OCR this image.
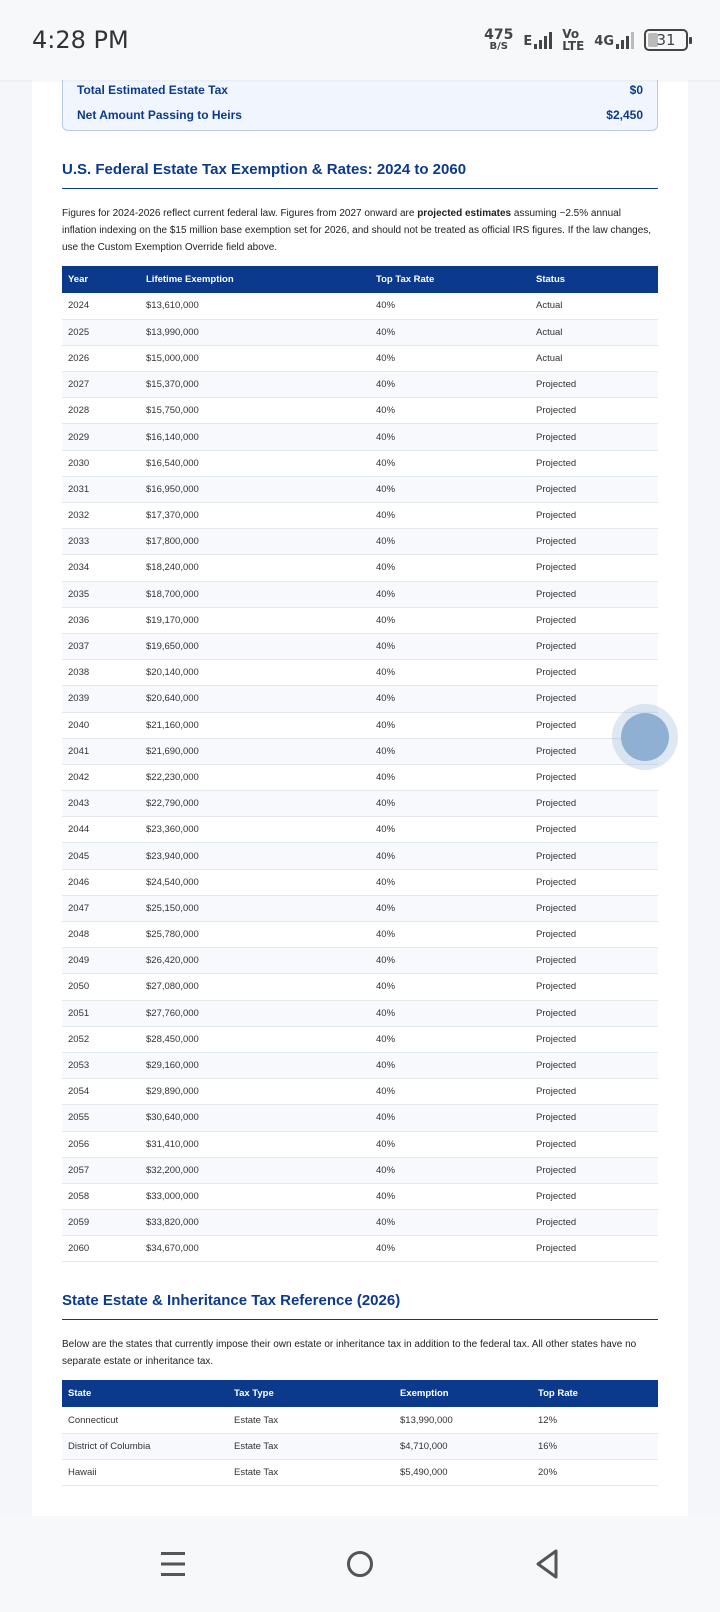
4:28 PM	475
B/S E	Vo
LTE 4G	31
Total Estimated Estate Tax	$0
Net Amount Passing to Heirs	$2,450
U.S. Federal Estate Tax Exemption & Rates: 2024 to 2060

Figures for 2024-2026 reflect current federal law. Figures from 2027 onward are projected estimates assuming ~2.5% annual inflation indexing on the $15 million base exemption set for 2026, and should not be treated as official IRS figures. If the law changes, use the Custom Exemption Override field above.

Year	Lifetime Exemption	Top Tax Rate	Status
2024	$13,610,000	40%	Actual
2025	$13,990,000	40%	Actual
2026	$15,000,000	40%	Actual
2027	$15,370,000	40%	Projected
2028	$15,750,000	40%	Projected
2029	$16,140,000	40%	Projected
2030	$16,540,000	40%	Projected
2031	$16,950,000	40%	Projected
2032	$17,370,000	40%	Projected
2033	$17,800,000	40%	Projected
2034	$18,240,000	40%	Projected
2035	$18,700,000	40%	Projected
2036	$19,170,000	40%	Projected
2037	$19,650,000	40%	Projected
2038	$20,140,000	40%	Projected
2039	$20,640,000	40%	Projected
2040	$21,160,000	40%	Projected
2041	$21,690,000	40%	Projected
2042	$22,230,000	40%	Projected
2043	$22,790,000	40%	Projected
2044	$23,360,000	40%	Projected
2045	$23,940,000	40%	Projected
2046	$24,540,000	40%	Projected
2047	$25,150,000	40%	Projected
2048	$25,780,000	40%	Projected
2049	$26,420,000	40%	Projected
2050	$27,080,000	40%	Projected
2051	$27,760,000	40%	Projected
2052	$28,450,000	40%	Projected
2053	$29,160,000	40%	Projected
2054	$29,890,000	40%	Projected
2055	$30,640,000	40%	Projected
2056	$31,410,000	40%	Projected
2057	$32,200,000	40%	Projected
2058	$33,000,000	40%	Projected
2059	$33,820,000	40%	Projected
2060	$34,670,000	40%	Projected
State Estate & Inheritance Tax Reference (2026)

Below are the states that currently impose their own estate or inheritance tax in addition to the federal tax. All other states have no separate estate or inheritance tax.

State	Tax Type	Exemption	Top Rate
Connecticut	Estate Tax	$13,990,000	12%
District of Columbia	Estate Tax	$4,710,000	16%
Hawaii	Estate Tax	$5,490,000	20%
